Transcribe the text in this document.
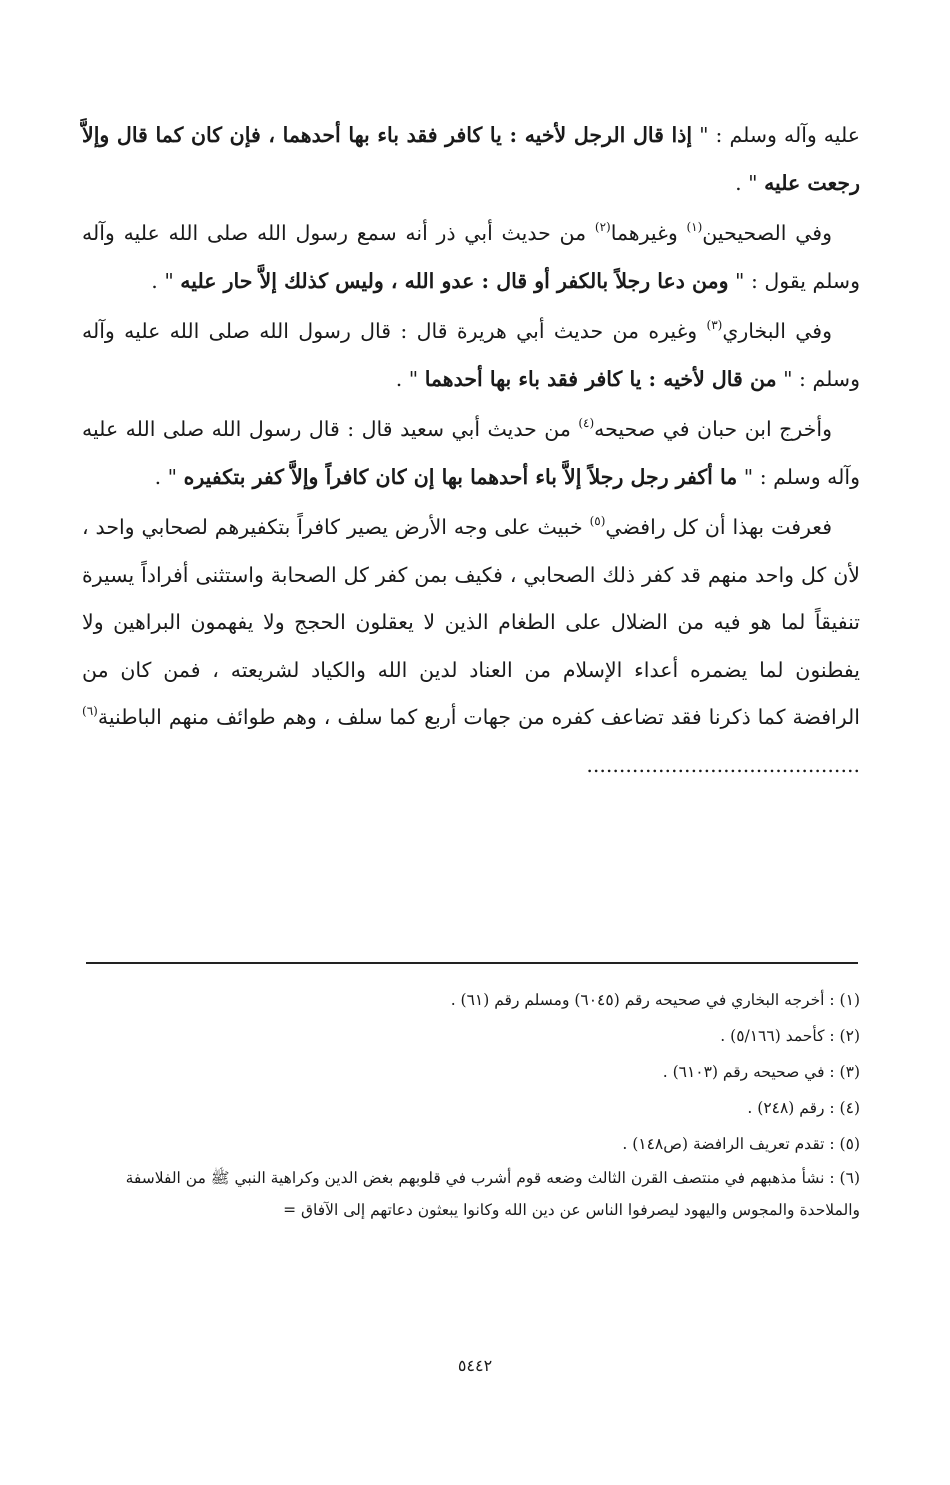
عليه وآله وسلم : " إذا قال الرجل لأخيه : يا كافر فقد باء بها أحدهما ، فإن كان كما قال وإلاَّ رجعت عليه " .

وفي الصحيحين$^{(١)}$ وغيرهما$^{(٢)}$ من حديث أبي ذر أنه سمع رسول الله صلى الله عليه وآله وسلم يقول : " ومن دعا رجلاً بالكفر أو قال : عدو الله ، وليس كذلك إلاَّ حار عليه " .

وفي البخاري$^{(٣)}$ وغيره من حديث أبي هريرة قال : قال رسول الله صلى الله عليه وآله وسلم : " من قال لأخيه : يا كافر فقد باء بها أحدهما " .

وأخرج ابن حبان في صحيحه$^{(٤)}$ من حديث أبي سعيد قال : قال رسول الله صلى الله عليه وآله وسلم : " ما أكفر رجل رجلاً إلاَّ باء أحدهما بها إن كان كافراً وإلاَّ كفر بتكفيره " .

فعرفت بهذا أن كل رافضي$^{(٥)}$ خبيث على وجه الأرض يصير كافراً بتكفيرهم لصحابي واحد ، لأن كل واحد منهم قد كفر ذلك الصحابي ، فكيف بمن كفر كل الصحابة واستثنى أفراداً يسيرة تنفيقاً لما هو فيه من الضلال على الطغام الذين لا يعقلون الحجج ولا يفهمون البراهين ولا يفطنون لما يضمره أعداء الإسلام من العناد لدين الله والكياد لشريعته ، فمن كان من الرافضة كما ذكرنا فقد تضاعف كفره من جهات أربع كما سلف ، وهم طوائف منهم الباطنية$^{(٦)}$ ..........................................

(١) : أخرجه البخاري في صحيحه رقم (٦٠٤٥) ومسلم رقم (٦١) .

(٢) : كأحمد (٥/١٦٦) .

(٣) : في صحيحه رقم (٦١٠٣) .

(٤) : رقم (٢٤٨) .

(٥) : تقدم تعريف الرافضة (ص١٤٨) .

(٦) : نشأ مذهبهم في منتصف القرن الثالث وضعه قوم أشرب في قلوبهم بغض الدين وكراهية النبي ﷺ من الفلاسفة والملاحدة والمجوس واليهود ليصرفوا الناس عن دين الله وكانوا يبعثون دعاتهم إلى الآفاق =

٥٤٤٢
